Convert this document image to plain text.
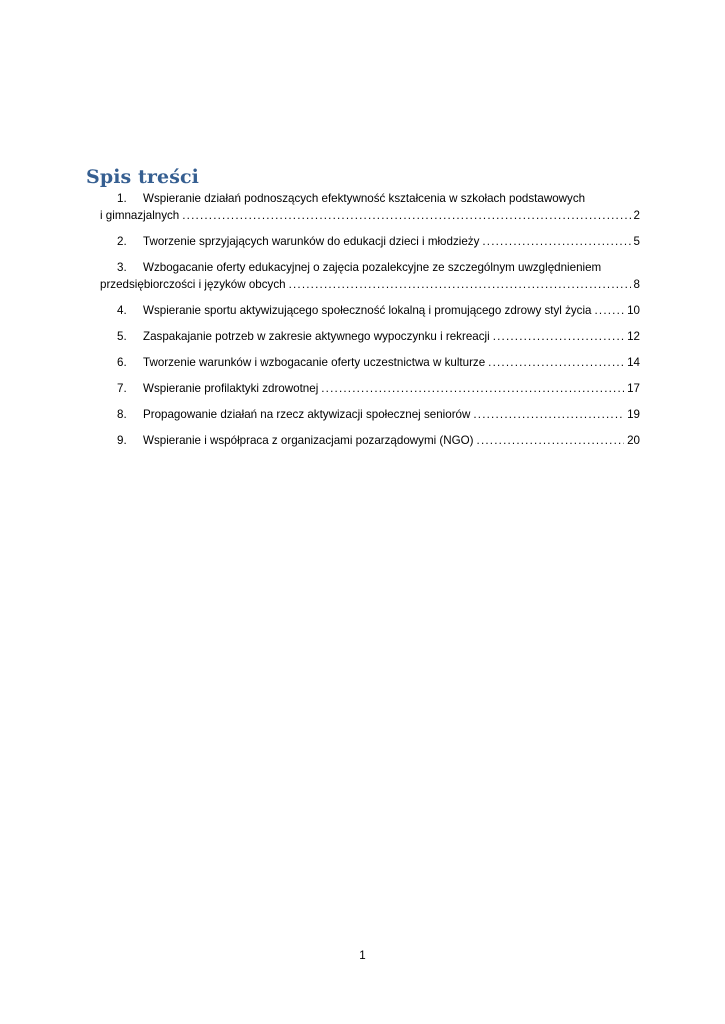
Spis treści
1.	Wspieranie działań podnoszących efektywność kształcenia w szkołach podstawowych
i gimnazjalnych .....	2
2.	Tworzenie sprzyjających warunków do edukacji dzieci i młodzieży .....	5
3.	Wzbogacanie oferty edukacyjnej o zajęcia pozalekcyjne ze szczególnym uwzględnieniem
przedsiębiorczości i języków obcych .....	8
4.	Wspieranie sportu aktywizującego społeczność lokalną i promującego zdrowy styl życia .....	10
5.	Zaspakajanie potrzeb w zakresie aktywnego wypoczynku i rekreacji .....	12
6.	Tworzenie warunków i wzbogacanie oferty uczestnictwa w kulturze .....	14
7.	Wspieranie profilaktyki zdrowotnej .....	17
8.	Propagowanie działań na rzecz aktywizacji społecznej seniorów .....	19
9.	Wspieranie i współpraca z organizacjami pozarządowymi (NGO) .....	20
1
